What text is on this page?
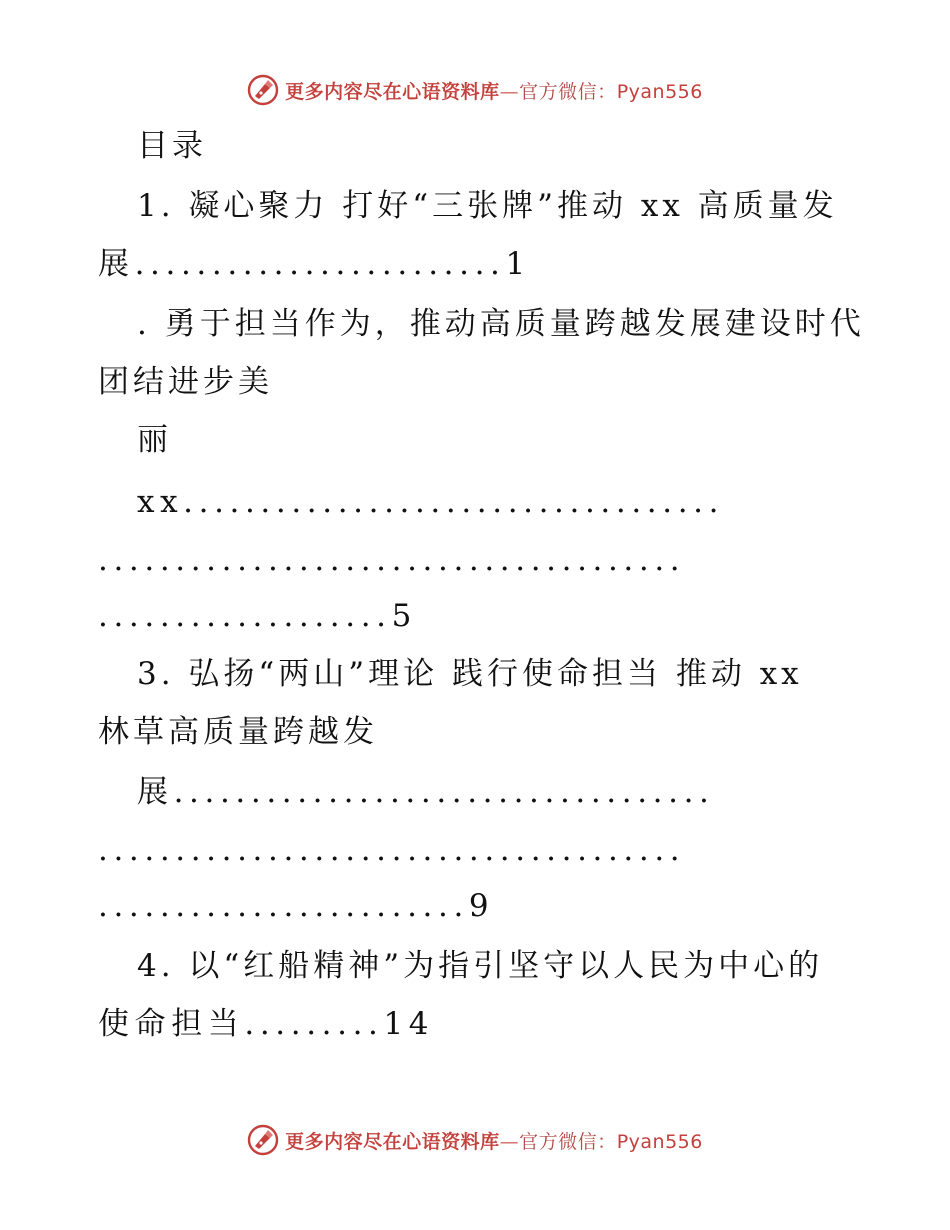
更多内容尽在心语资料库—官方微信：Pyan556
目录
1. 凝心聚力 打好“三张牌”推动 xx 高质量发
展........................1
. 勇于担当作为，推动高质量跨越发展建设时代
团结进步美
丽
xx...................................
......................................
...................5
3. 弘扬“两山”理论 践行使命担当 推动 xx
林草高质量跨越发
展...................................
......................................
........................9
4. 以“红船精神”为指引坚守以人民为中心的
使命担当.........14
更多内容尽在心语资料库—官方微信：Pyan556
